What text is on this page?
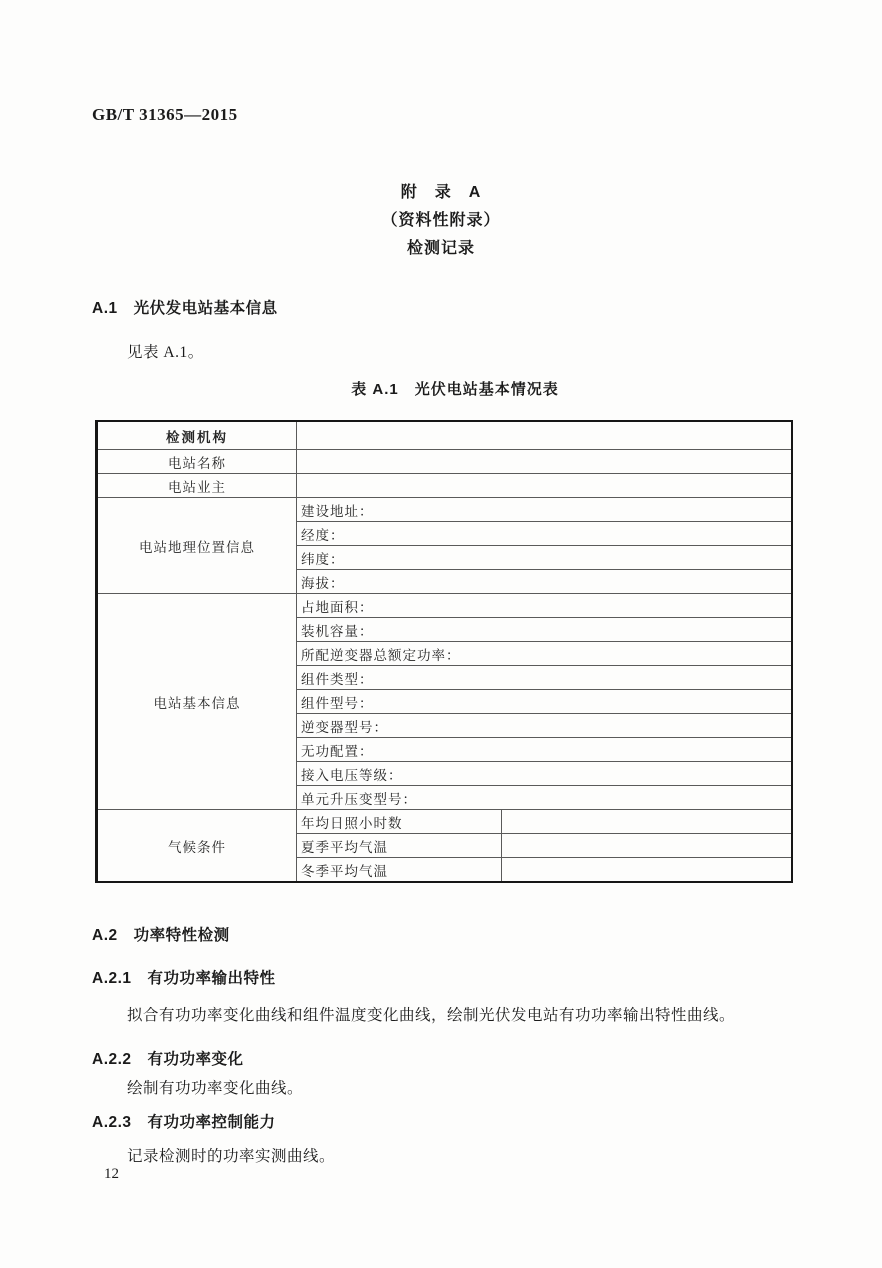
GB/T 31365—2015
附　录　A
（资料性附录）
检测记录
A.1　光伏发电站基本信息
见表 A.1。
表 A.1　光伏电站基本情况表
检测机构		
电站名称		
电站业主		
电站地理位置信息	建设地址：	
	经度：	
	纬度：	
	海拔：	
电站基本信息	占地面积：	
	装机容量：	
	所配逆变器总额定功率：	
	组件类型：	
	组件型号：	
	逆变器型号：	
	无功配置：	
	接入电压等级：	
	单元升压变型号：	
气候条件	年均日照小时数	
	夏季平均气温	
	冬季平均气温	
A.2　功率特性检测
A.2.1　有功功率输出特性
拟合有功功率变化曲线和组件温度变化曲线，绘制光伏发电站有功功率输出特性曲线。
A.2.2　有功功率变化
绘制有功功率变化曲线。
A.2.3　有功功率控制能力
记录检测时的功率实测曲线。
12
